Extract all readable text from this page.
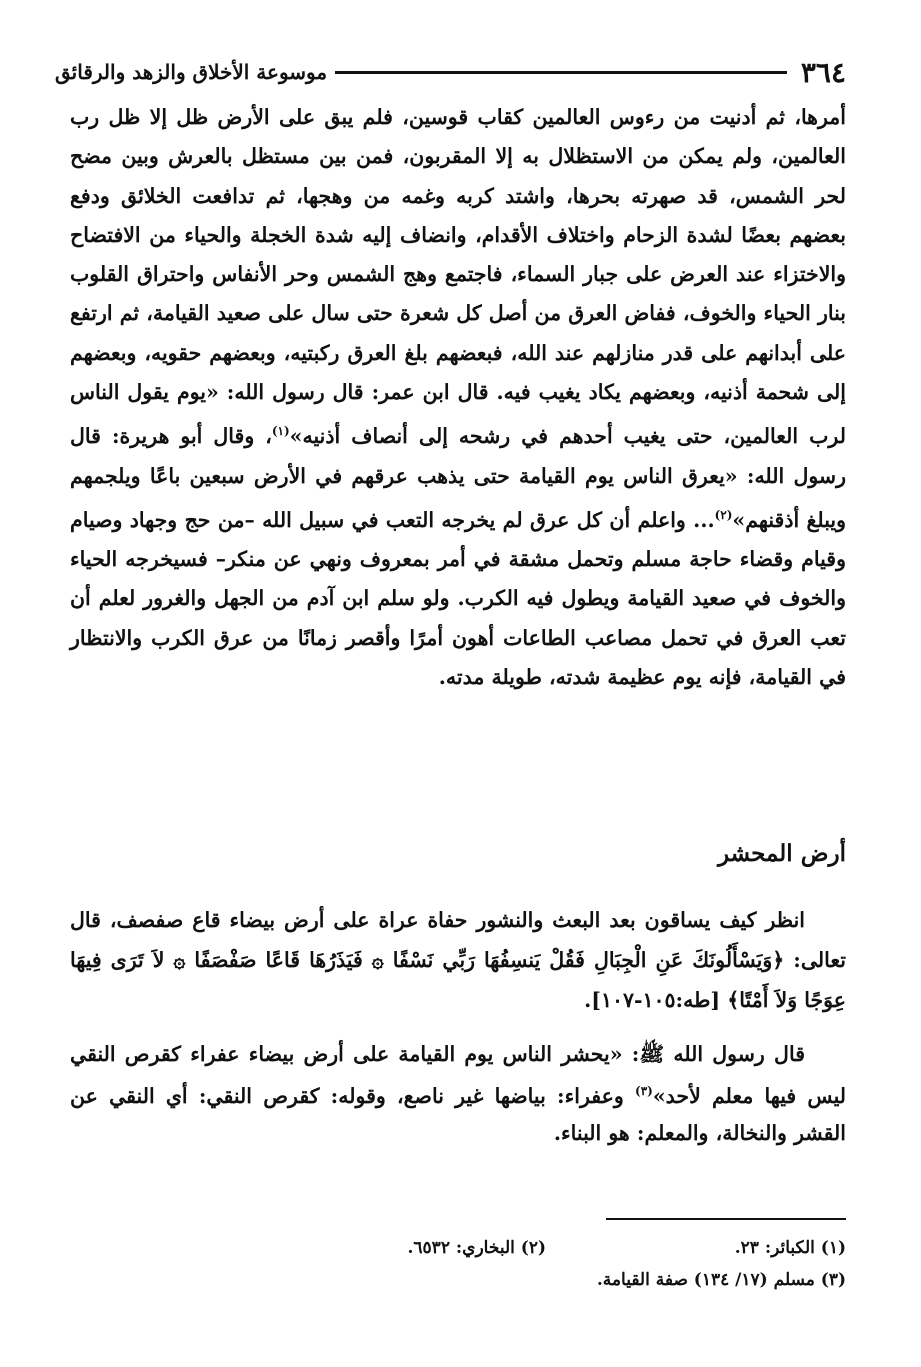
٣٦٤
موسوعة الأخلاق والزهد والرقائق

أمرها، ثم أدنيت من رءوس العالمين كقاب قوسين، فلم يبق على الأرض ظل إلا ظل رب العالمين، ولم يمكن من الاستظلال به إلا المقربون، فمن بين مستظل بالعرش وبين مضح لحر الشمس، قد صهرته بحرها، واشتد كربه وغمه من وهجها، ثم تدافعت الخلائق ودفع بعضهم بعضًا لشدة الزحام واختلاف الأقدام، وانضاف إليه شدة الخجلة والحياء من الافتضاح والاختزاء عند العرض على جبار السماء، فاجتمع وهج الشمس وحر الأنفاس واحتراق القلوب بنار الحياء والخوف، ففاض العرق من أصل كل شعرة حتى سال على صعيد القيامة، ثم ارتفع على أبدانهم على قدر منازلهم عند الله، فبعضهم بلغ العرق ركبتيه، وبعضهم حقويه، وبعضهم إلى شحمة أذنيه، وبعضهم يكاد يغيب فيه. قال ابن عمر: قال رسول الله: «يوم يقول الناس لرب العالمين، حتى يغيب أحدهم في رشحه إلى أنصاف أذنيه»$^{(١)}$، وقال أبو هريرة: قال رسول الله: «يعرق الناس يوم القيامة حتى يذهب عرقهم في الأرض سبعين باعًا ويلجمهم ويبلغ أذقنهم»$^{(٢)}$... واعلم أن كل عرق لم يخرجه التعب في سبيل الله –من حج وجهاد وصيام وقيام وقضاء حاجة مسلم وتحمل مشقة في أمر بمعروف ونهي عن منكر– فسيخرجه الحياء والخوف في صعيد القيامة ويطول فيه الكرب. ولو سلم ابن آدم من الجهل والغرور لعلم أن تعب العرق في تحمل مصاعب الطاعات أهون أمرًا وأقصر زمانًا من عرق الكرب والانتظار في القيامة، فإنه يوم عظيمة شدته، طويلة مدته.

أرض المحشر

  انظر كيف يساقون بعد البعث والنشور حفاة عراة على أرض بيضاء قاع صفصف، قال تعالى: ﴿وَيَسْأَلُونَكَ عَنِ الْجِبَالِ فَقُلْ يَنسِفُهَا رَبِّي نَسْفًا ۞ فَيَذَرُهَا قَاعًا صَفْصَفًا ۞ لاَ تَرَى فِيهَا عِوَجًا وَلاَ أَمْتًا﴾ [طه:١٠٥-١٠٧].

  قال رسول الله ﷺ: «يحشر الناس يوم القيامة على أرض بيضاء عفراء كقرص النقي ليس فيها معلم لأحد»$^{(٣)}$ وعفراء: بياضها غير ناصع، وقوله: كقرص النقي: أي النقي عن القشر والنخالة، والمعلم: هو البناء.

(١) الكبائر: ٢٣.
(٢) البخاري: ٦٥٣٢.
(٣) مسلم (١٧/ ١٣٤) صفة القيامة.
